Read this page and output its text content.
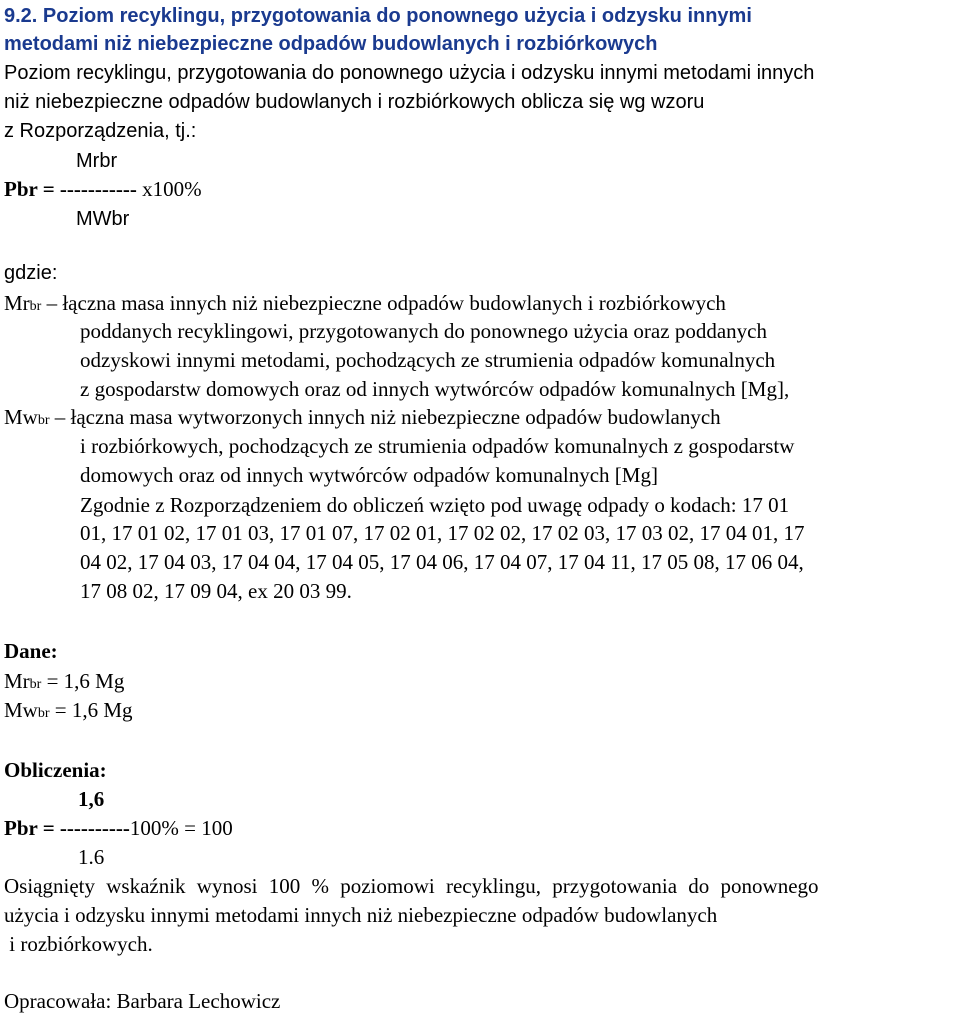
9.2. Poziom recyklingu, przygotowania do ponownego użycia i odzysku innymi
metodami niż niebezpieczne odpadów budowlanych i rozbiórkowych
Poziom recyklingu, przygotowania do ponownego użycia i odzysku innymi metodami innych
niż niebezpieczne odpadów budowlanych i rozbiórkowych oblicza się wg wzoru
z Rozporządzenia, tj.:
Mrbr
Pbr = ----------- x100%
MWbr
gdzie:
Mrbr – łączna masa innych niż niebezpieczne odpadów budowlanych i rozbiórkowych
poddanych recyklingowi, przygotowanych do ponownego użycia oraz poddanych
odzyskowi innymi metodami, pochodzących ze strumienia odpadów komunalnych
z gospodarstw domowych oraz od innych wytwórców odpadów komunalnych [Mg],
Mwbr – łączna masa wytworzonych innych niż niebezpieczne odpadów budowlanych
i rozbiórkowych, pochodzących ze strumienia odpadów komunalnych z gospodarstw
domowych oraz od innych wytwórców odpadów komunalnych [Mg]
Zgodnie z Rozporządzeniem do obliczeń wzięto pod uwagę odpady o kodach: 17 01
01, 17 01 02, 17 01 03, 17 01 07, 17 02 01, 17 02 02, 17 02 03, 17 03 02, 17 04 01, 17
04 02, 17 04 03, 17 04 04, 17 04 05, 17 04 06, 17 04 07, 17 04 11, 17 05 08, 17 06 04,
17 08 02, 17 09 04, ex 20 03 99.
Dane:
Mrbr = 1,6 Mg
Mwbr = 1,6 Mg
Obliczenia:
1,6
Pbr = ----------100% = 100
1.6
Osiągnięty wskaźnik wynosi 100 % poziomowi recyklingu, przygotowania do ponownego
użycia i odzysku innymi metodami innych niż niebezpieczne odpadów budowlanych
i rozbiórkowych.
Opracowała: Barbara Lechowicz
